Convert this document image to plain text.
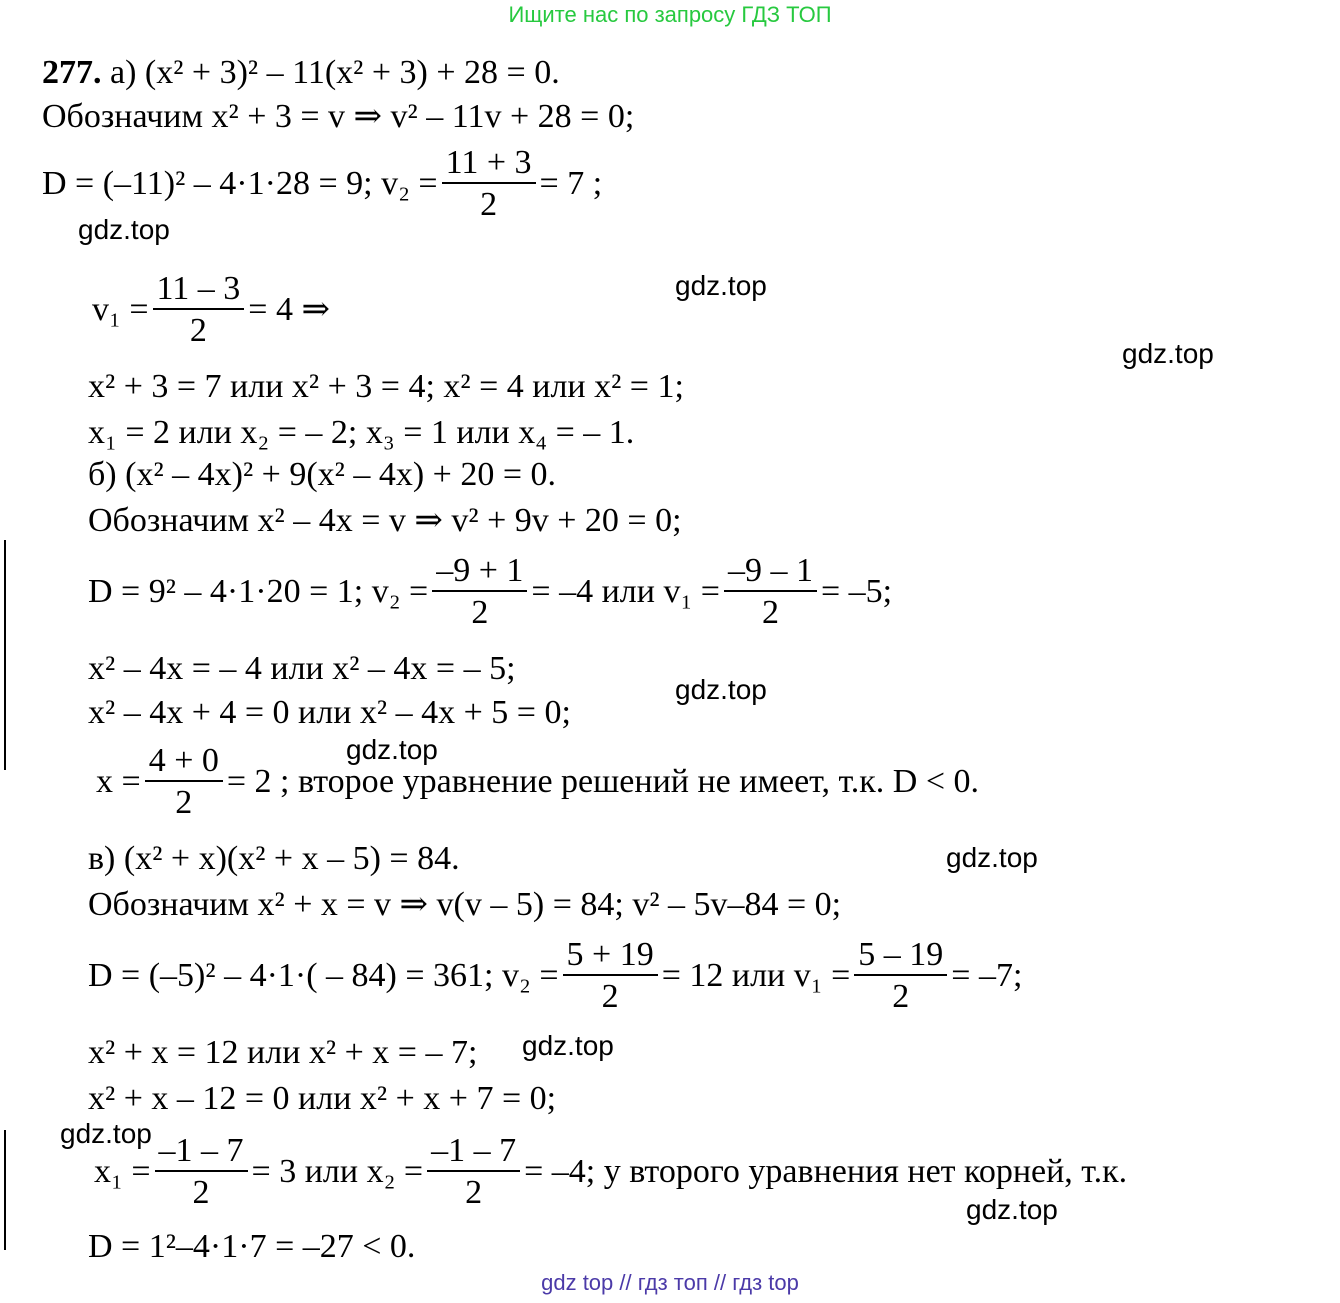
Ищите нас по запросу ГДЗ ТОП
gdz.top
gdz.top
gdz.top
gdz.top
gdz.top
gdz.top
gdz.top
gdz.top
gdz.top
277. а) (x² + 3)² – 11(x² + 3) + 28 = 0.
Обозначим x² + 3 = v ⇒ v² – 11v + 28 = 0;
D = (–11)² – 4·1·28 = 9; $v_2 = \frac{11 + 3}{2} = 7$ ;
$v_1 = \frac{11 - 3}{2} = 4$ ⇒
x² + 3 = 7 или x² + 3 = 4; x² = 4 или x² = 1;
x₁ = 2 или x₂ = – 2; x₃ = 1 или x₄ = – 1.
б) (x² – 4x)² + 9(x² – 4x) + 20 = 0.
Обозначим x² – 4x = v ⇒ v² + 9v + 20 = 0;
D = 9² – 4·1·20 = 1; $v_2 = \frac{-9 + 1}{2} = -4$ или $v_1 = \frac{-9 - 1}{2} = -5$;
x² – 4x = – 4 или x² – 4x = – 5;
x² – 4x + 4 = 0 или x² – 4x + 5 = 0;
$x = \frac{4 + 0}{2} = 2$ ; второе уравнение решений не имеет, т.к. D < 0.
в) (x² + x)(x² + x – 5) = 84.
Обозначим x² + x = v ⇒ v(v – 5) = 84; v² – 5v–84 = 0;
D = (–5)² – 4·1·( – 84) = 361; $v_2 = \frac{5 + 19}{2} = 12$ или $v_1 = \frac{5 - 19}{2} = -7$;
x² + x = 12 или x² + x = – 7;
x² + x – 12 = 0 или x² + x + 7 = 0;
$x_1 = \frac{-1 - 7}{2} = 3$ или $x_2 = \frac{-1 - 7}{2} = -4$; у второго уравнения нет корней, т.к.
D = 1²–4·1·7 = –27 < 0.
gdz top // гдз топ // гдз top
